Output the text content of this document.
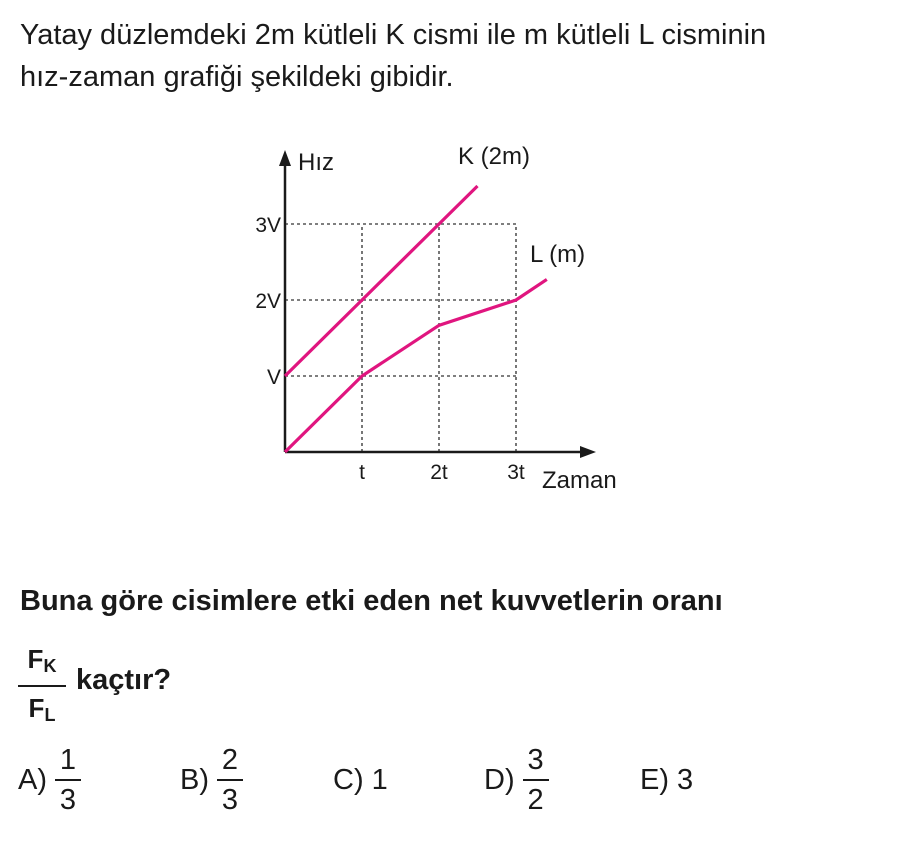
Yatay düzlemdeki 2m kütleli K cismi ile m kütleli L cisminin
hız-zaman grafiği şekildeki gibidir.
Hız
Zaman
t	2t	3t
V
2V
3V
K (2m)
L (m)
Buna göre cisimlere etki eden net kuvvetlerin oranı
$F_K$
$F_L$
kaçtır?
$A) \frac{1}{3}$	$B) \frac{2}{3}$	C) 1	$D) \frac{3}{2}$	E) 3
